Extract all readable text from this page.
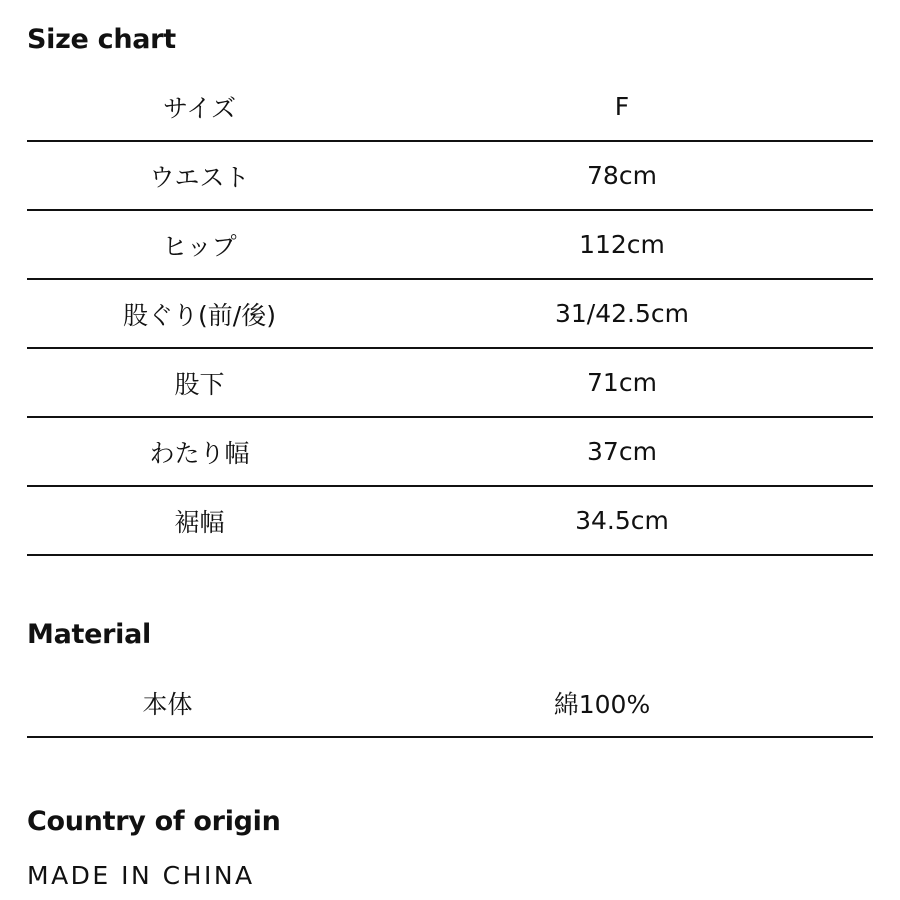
Size chart
サイズ	F
ウエスト	78cm
ヒップ	112cm
股ぐり(前/後)	31/42.5cm
股下	71cm
わたり幅	37cm
裾幅	34.5cm
Material
本体	綿100%
Country of origin

MADE IN CHINA
